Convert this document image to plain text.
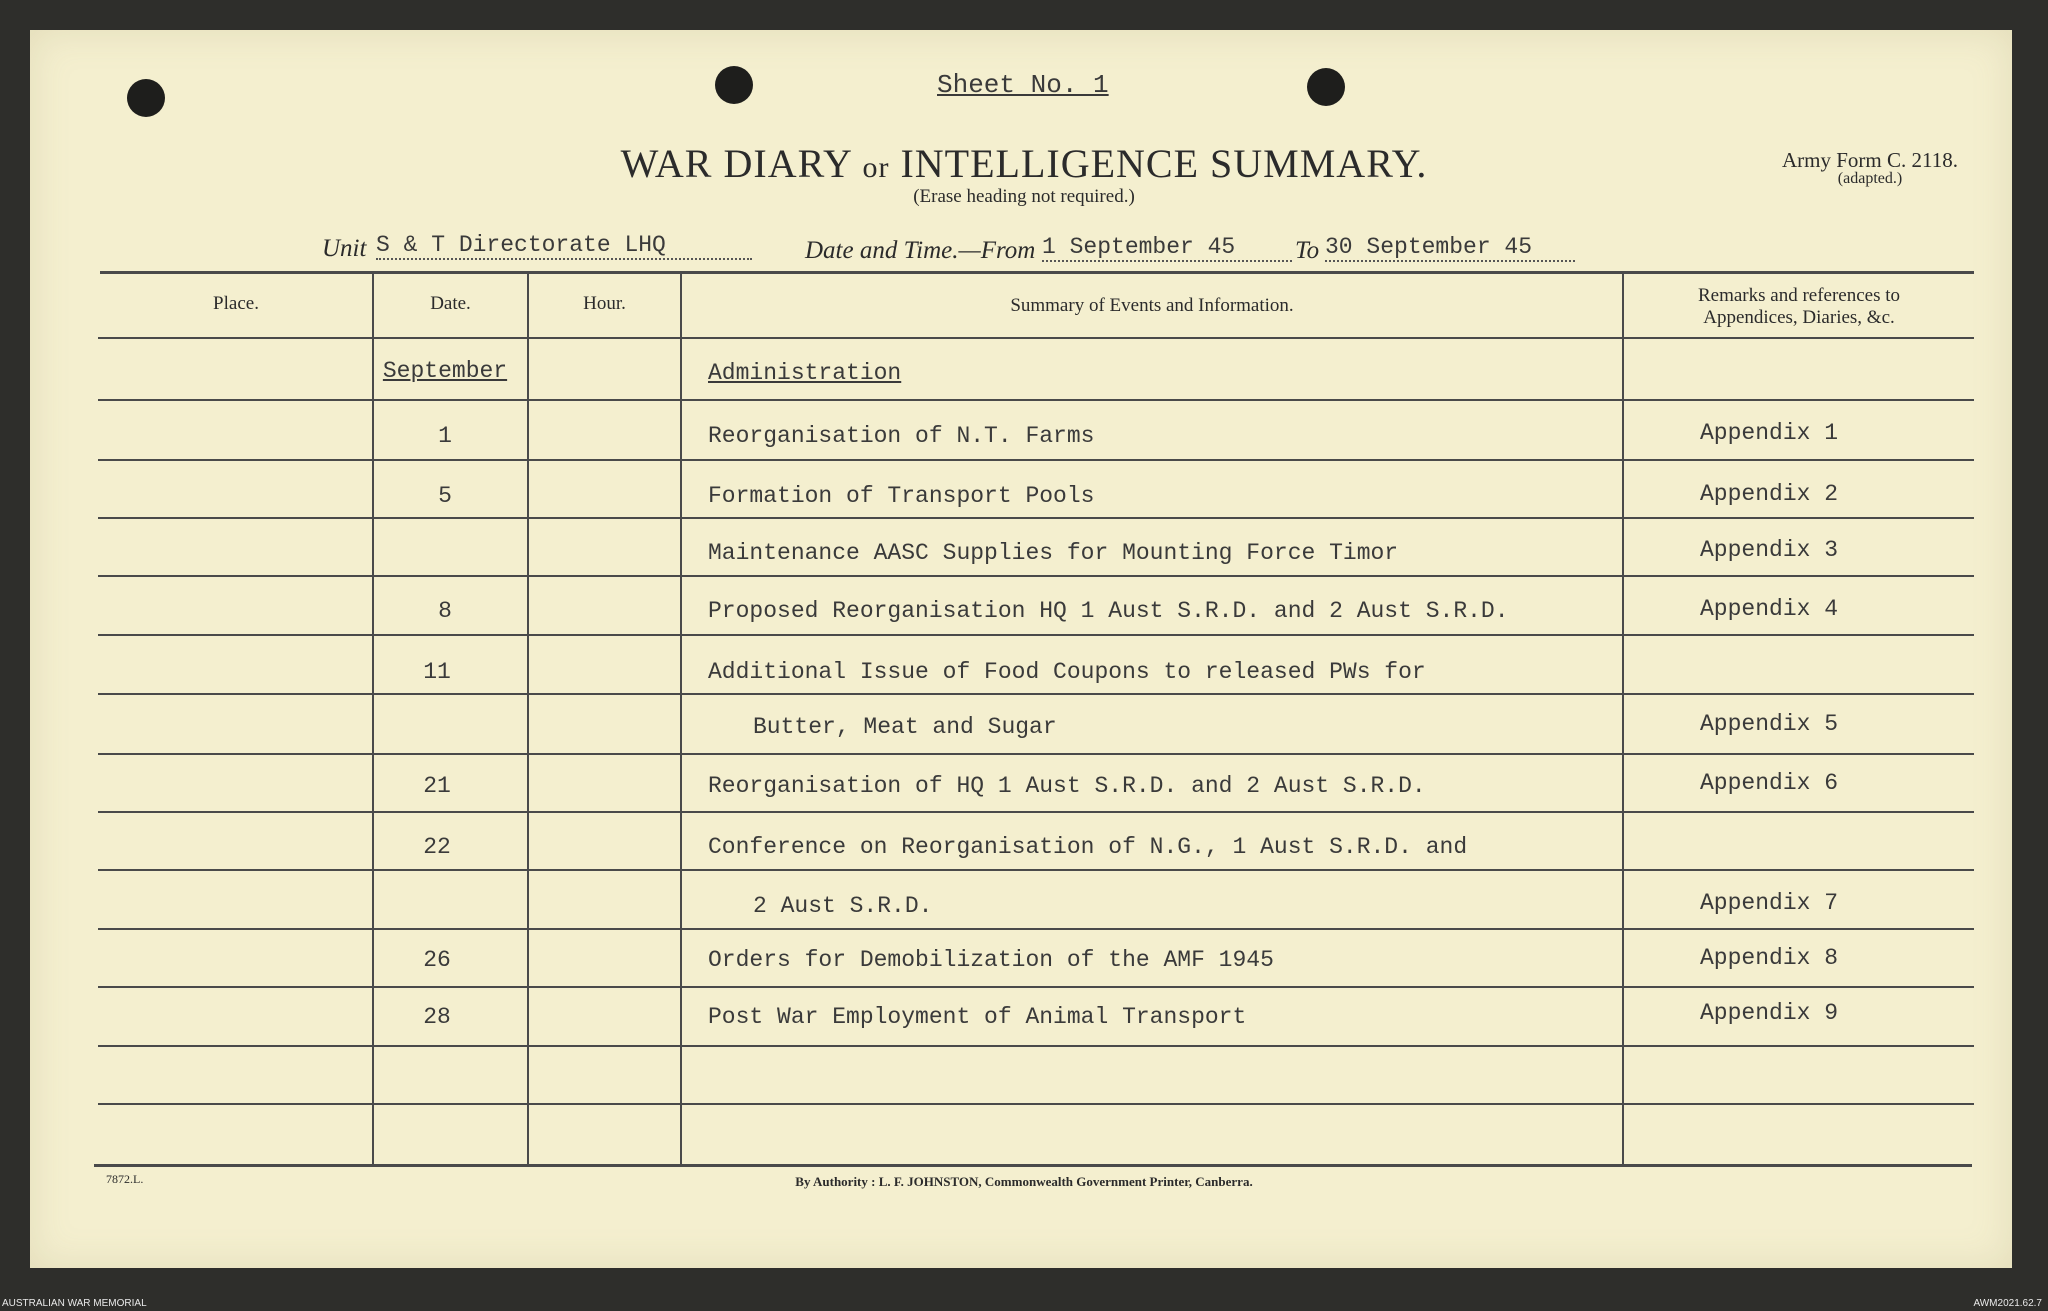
Sheet No. 1
WAR DIARY or INTELLIGENCE SUMMARY.
(Erase heading not required.)
Army Form C. 2118.
(adapted.)
Unit S & T Directorate LHQ	Date and Time.—From 1 September 45	To 30 September 45
Place.	Date.	Hour.	Summary of Events and Information.	Remarks and references to
Appendices, Diaries, &c.
September	Administration
1	Reorganisation of N.T. Farms	Appendix 1
5	Formation of Transport Pools	Appendix 2
Maintenance AASC Supplies for Mounting Force Timor	Appendix 3
8	Proposed Reorganisation HQ 1 Aust S.R.D. and 2 Aust S.R.D.	Appendix 4
11	Additional Issue of Food Coupons to released PWs for
Butter, Meat and Sugar	Appendix 5
21	Reorganisation of HQ 1 Aust S.R.D. and 2 Aust S.R.D.	Appendix 6
22	Conference on Reorganisation of N.G., 1 Aust S.R.D. and
2 Aust S.R.D.	Appendix 7
26	Orders for Demobilization of the AMF 1945	Appendix 8
28	Post War Employment of Animal Transport	Appendix 9
7872.L.	By Authority : L. F. JOHNSTON, Commonwealth Government Printer, Canberra.
AUSTRALIAN WAR MEMORIAL	AWM2021.62.7
